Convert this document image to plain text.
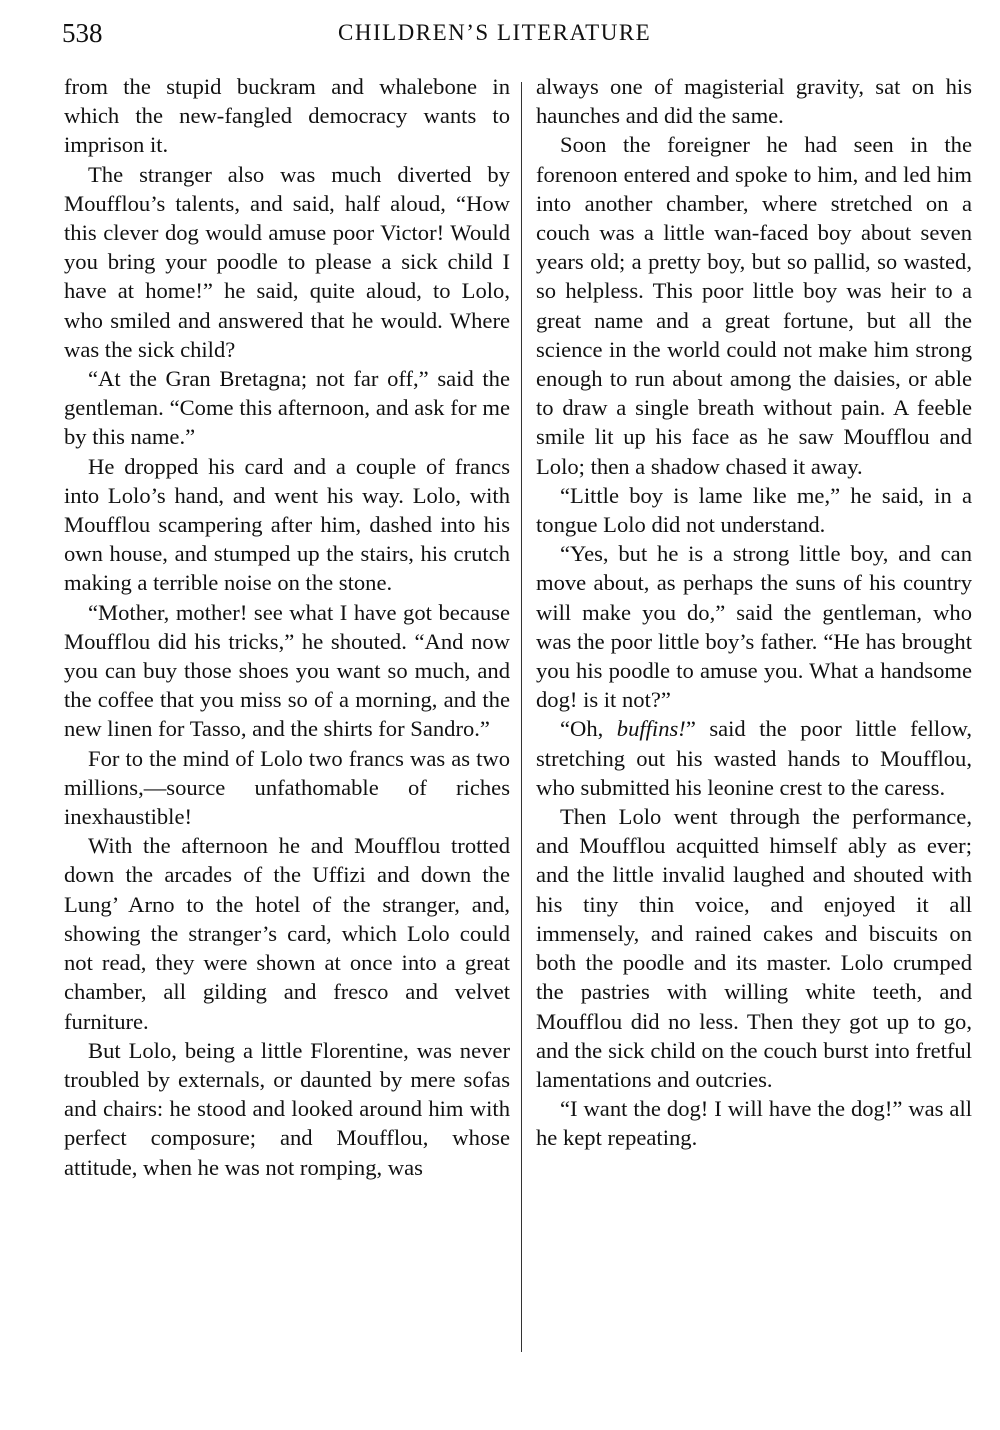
538	CHILDREN’S LITERATURE

from the stupid buckram and whalebone in which the new-fangled democracy wants to imprison it.

The stranger also was much diverted by Moufflou’s talents, and said, half aloud, “How this clever dog would amuse poor Victor! Would you bring your poodle to please a sick child I have at home!” he said, quite aloud, to Lolo, who smiled and answered that he would. Where was the sick child?

“At the Gran Bretagna; not far off,” said the gentleman. “Come this afternoon, and ask for me by this name.”

He dropped his card and a couple of francs into Lolo’s hand, and went his way. Lolo, with Moufflou scampering after him, dashed into his own house, and stumped up the stairs, his crutch making a terrible noise on the stone.

“Mother, mother! see what I have got because Moufflou did his tricks,” he shouted. “And now you can buy those shoes you want so much, and the coffee that you miss so of a morning, and the new linen for Tasso, and the shirts for Sandro.”

For to the mind of Lolo two francs was as two millions,—source unfathomable of riches inexhaustible!

With the afternoon he and Moufflou trotted down the arcades of the Uffizi and down the Lung’ Arno to the hotel of the stranger, and, showing the stranger’s card, which Lolo could not read, they were shown at once into a great chamber, all gilding and fresco and velvet furniture.

But Lolo, being a little Florentine, was never troubled by externals, or daunted by mere sofas and chairs: he stood and looked around him with perfect composure; and Moufflou, whose attitude, when he was not romping, was

always one of magisterial gravity, sat on his haunches and did the same.

Soon the foreigner he had seen in the forenoon entered and spoke to him, and led him into another chamber, where stretched on a couch was a little wan-faced boy about seven years old; a pretty boy, but so pallid, so wasted, so helpless. This poor little boy was heir to a great name and a great fortune, but all the science in the world could not make him strong enough to run about among the daisies, or able to draw a single breath without pain. A feeble smile lit up his face as he saw Moufflou and Lolo; then a shadow chased it away.

“Little boy is lame like me,” he said, in a tongue Lolo did not understand.

“Yes, but he is a strong little boy, and can move about, as perhaps the suns of his country will make you do,” said the gentleman, who was the poor little boy’s father. “He has brought you his poodle to amuse you. What a handsome dog! is it not?”

“Oh, buffins!” said the poor little fellow, stretching out his wasted hands to Moufflou, who submitted his leonine crest to the caress.

Then Lolo went through the performance, and Moufflou acquitted himself ably as ever; and the little invalid laughed and shouted with his tiny thin voice, and enjoyed it all immensely, and rained cakes and biscuits on both the poodle and its master. Lolo crumped the pastries with willing white teeth, and Moufflou did no less. Then they got up to go, and the sick child on the couch burst into fretful lamentations and outcries.

“I want the dog! I will have the dog!” was all he kept repeating.
